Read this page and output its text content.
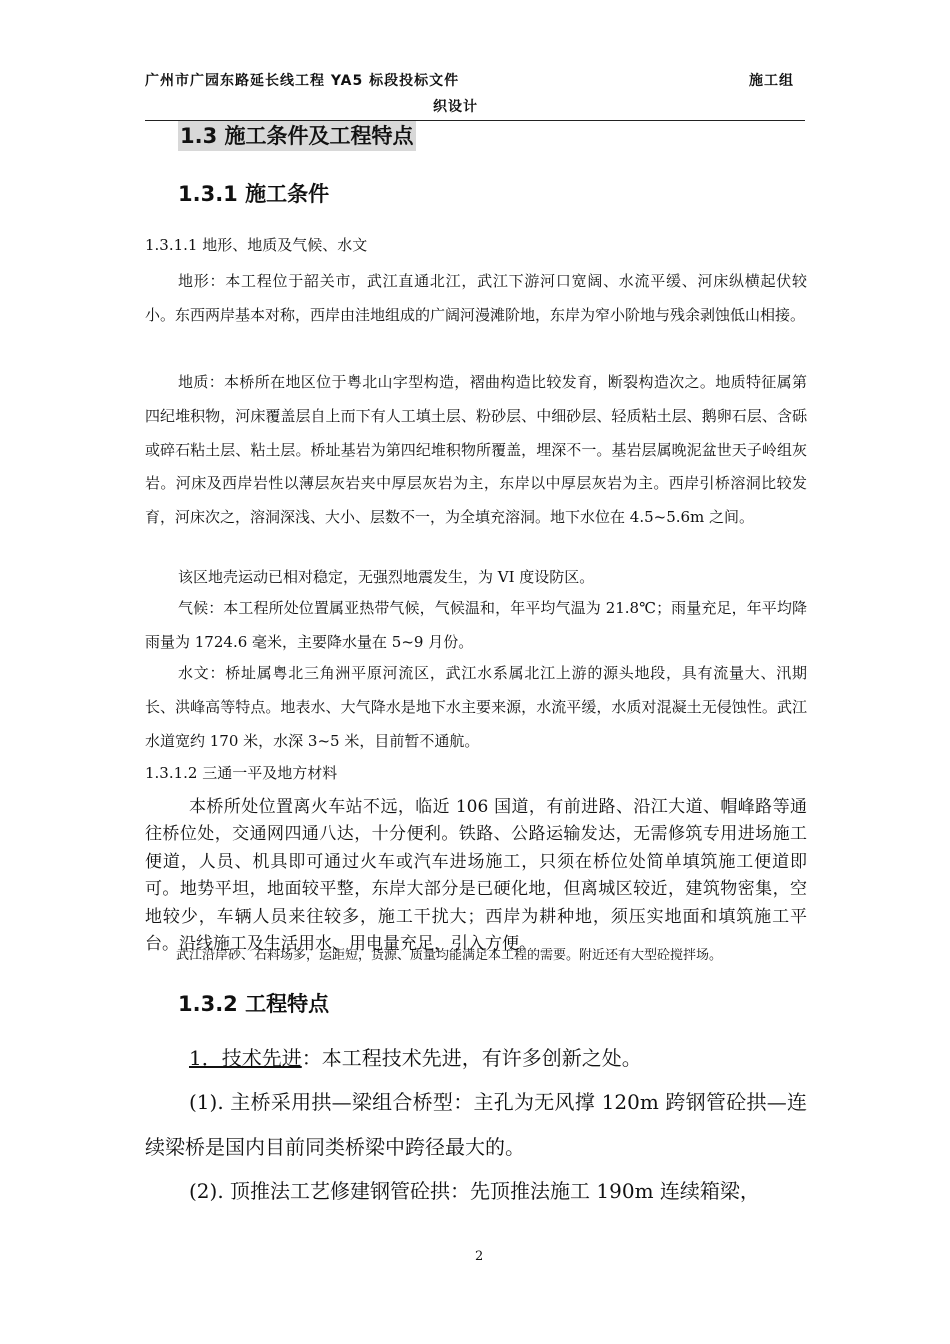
广州市广园东路延长线工程 YA5 标段投标文件	施工组
织设计
1.3 施工条件及工程特点
1.3.1 施工条件
1.3.1.1 地形、地质及气候、水文

地形：本工程位于韶关市，武江直通北江，武江下游河口宽阔、水流平缓、河床纵横起伏较小。东西两岸基本对称，西岸由洼地组成的广阔河漫滩阶地，东岸为窄小阶地与残余剥蚀低山相接。

地质：本桥所在地区位于粤北山字型构造，褶曲构造比较发育，断裂构造次之。地质特征属第四纪堆积物，河床覆盖层自上而下有人工填土层、粉砂层、中细砂层、轻质粘土层、鹅卵石层、含砾或碎石粘土层、粘土层。桥址基岩为第四纪堆积物所覆盖，埋深不一。基岩层属晚泥盆世天子岭组灰岩。河床及西岸岩性以薄层灰岩夹中厚层灰岩为主，东岸以中厚层灰岩为主。西岸引桥溶洞比较发育，河床次之，溶洞深浅、大小、层数不一，为全填充溶洞。地下水位在 4.5~5.6m 之间。

该区地壳运动已相对稳定，无强烈地震发生，为 VI 度设防区。

气候：本工程所处位置属亚热带气候，气候温和，年平均气温为 21.8℃；雨量充足，年平均降雨量为 1724.6 毫米，主要降水量在 5~9 月份。

水文：桥址属粤北三角洲平原河流区，武江水系属北江上游的源头地段，具有流量大、汛期长、洪峰高等特点。地表水、大气降水是地下水主要来源，水流平缓，水质对混凝土无侵蚀性。武江水道宽约 170 米，水深 3~5 米，目前暂不通航。

1.3.1.2 三通一平及地方材料

本桥所处位置离火车站不远，临近 106 国道，有前进路、沿江大道、帽峰路等通往桥位处，交通网四通八达，十分便利。铁路、公路运输发达，无需修筑专用进场施工便道，人员、机具即可通过火车或汽车进场施工，只须在桥位处简单填筑施工便道即可。地势平坦，地面较平整，东岸大部分是已硬化地，但离城区较近，建筑物密集，空地较少，车辆人员来往较多，施工干扰大；西岸为耕种地，须压实地面和填筑施工平台。沿线施工及生活用水、用电量充足，引入方便。

武江沿岸砂、石料场多，运距短，货源、质量均能满足本工程的需要。附近还有大型砼搅拌场。
1.3.2 工程特点

1．技术先进：本工程技术先进，有许多创新之处。

(1). 主桥采用拱—梁组合桥型：主孔为无风撑 120m 跨钢管砼拱—连续梁桥是国内目前同类桥梁中跨径最大的。

(2). 顶推法工艺修建钢管砼拱：先顶推法施工 190m 连续箱梁，

2
